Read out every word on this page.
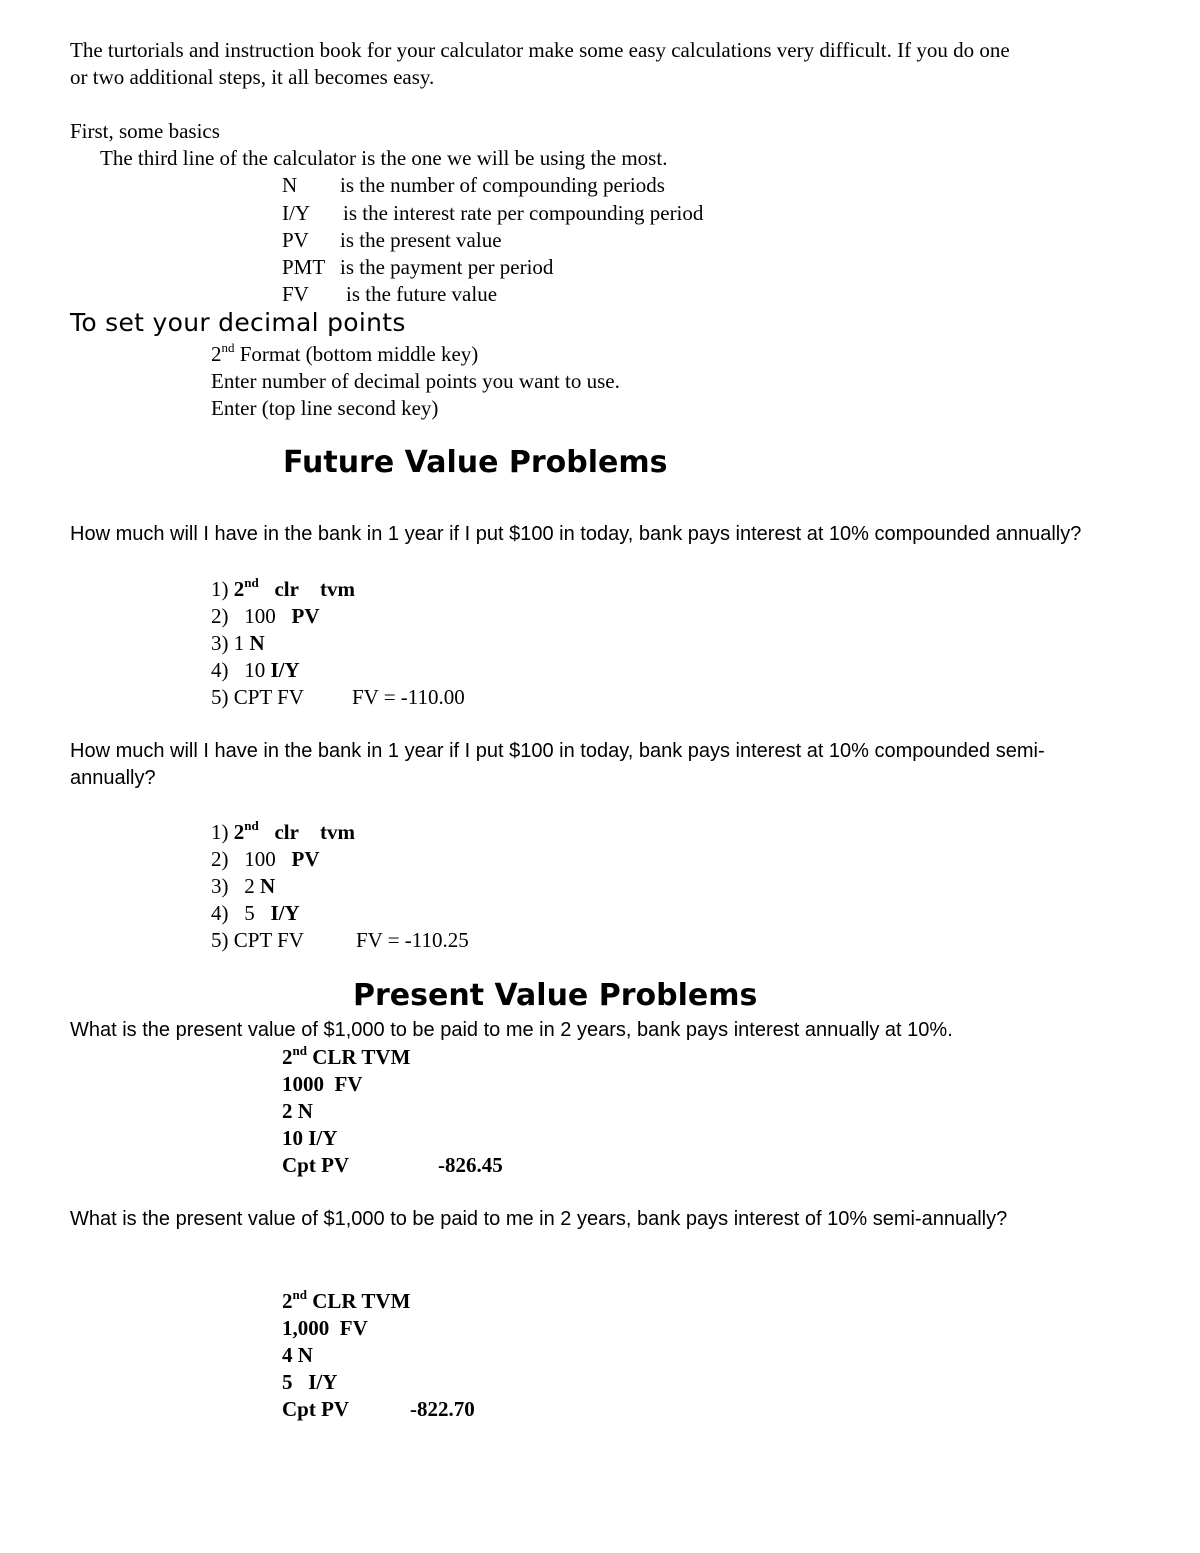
The turtorials and instruction book for your calculator make some easy calculations very difficult. If you do one

or two additional steps, it all becomes easy.

First, some basics
The third line of the calculator is the one we will be using the most.
N is the number of compounding periods
I/Y is the interest rate per compounding period
PV is the present value
PMT is the payment per period
FV is the future value
To set your decimal points
2nd Format (bottom middle key)
Enter number of decimal points you want to use.
Enter (top line second key)
Future Value Problems
How much will I have in the bank in 1 year if I put $100 in today, bank pays interest at 10% compounded annually?
1) 2nd clr tvm
2) 100 PV
3) 1 N
4) 10 I/Y
5) CPT FV FV = -110.00
How much will I have in the bank in 1 year if I put $100 in today, bank pays interest at 10% compounded semi-annually?
1) 2nd clr tvm
2) 100 PV
3) 2 N
4) 5 I/Y
5) CPT FV FV = -110.25
Present Value Problems
What is the present value of $1,000 to be paid to me in 2 years, bank pays interest annually at 10%.
2nd CLR TVM
1000  FV
2 N
10 I/Y
Cpt PV	-826.45
What is the present value of $1,000 to be paid to me in 2 years, bank pays interest of 10% semi-annually?
2nd CLR TVM
1,000  FV
4 N
5   I/Y
Cpt PV	-822.70
